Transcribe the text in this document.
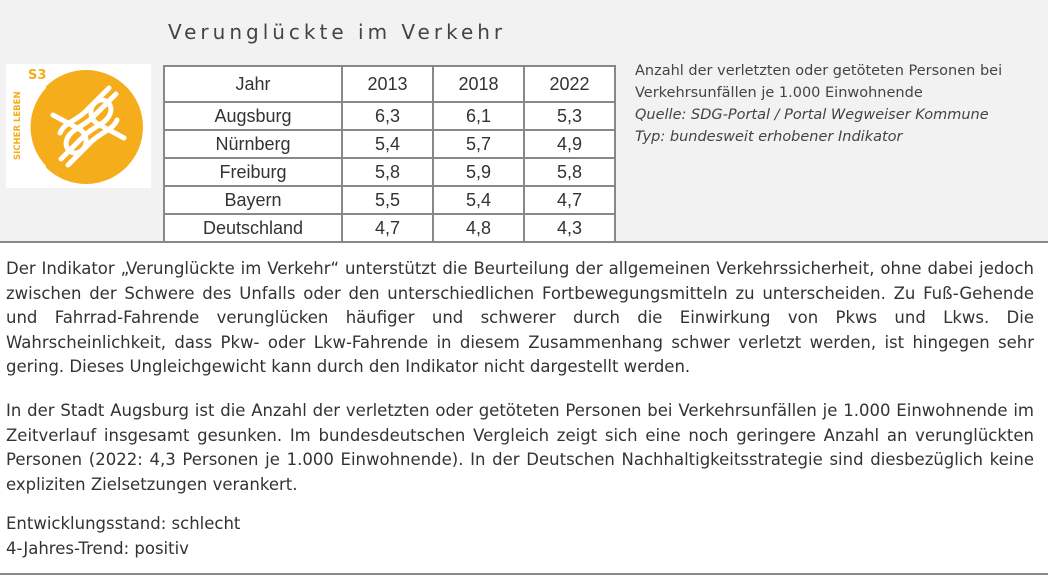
Verunglückte im Verkehr
S3
SICHER LEBEN
Jahr	2013	2018	2022
Augsburg	6,3	6,1	5,3
Nürnberg	5,4	5,7	4,9
Freiburg	5,8	5,9	5,8
Bayern	5,5	5,4	4,7
Deutschland	4,7	4,8	4,3
Anzahl der verletzten oder getöteten Personen bei Verkehrsunfällen je 1.000 Einwohnende
Quelle: SDG-Portal / Portal Wegweiser Kommune
Typ: bundesweit erhobener Indikator

Der Indikator „Verunglückte im Verkehr“ unterstützt die Beurteilung der allgemeinen Verkehrssicherheit, ohne dabei jedoch zwischen der Schwere des Unfalls oder den unterschiedlichen Fortbewegungsmitteln zu unterscheiden. Zu Fuß-Gehende und Fahrrad-Fahrende verunglücken häufiger und schwerer durch die Einwirkung von Pkws und Lkws. Die Wahrscheinlichkeit, dass Pkw- oder Lkw-Fahrende in diesem Zusammenhang schwer verletzt werden, ist hingegen sehr gering. Dieses Ungleichgewicht kann durch den Indikator nicht dargestellt werden.

In der Stadt Augsburg ist die Anzahl der verletzten oder getöteten Personen bei Verkehrsunfällen je 1.000 Einwohnende im Zeitverlauf insgesamt gesunken. Im bundesdeutschen Vergleich zeigt sich eine noch geringere Anzahl an verunglückten Personen (2022: 4,3 Personen je 1.000 Einwohnende). In der Deutschen Nachhaltigkeitsstrategie sind diesbezüglich keine expliziten Zielsetzungen verankert.

Entwicklungsstand: schlecht
4-Jahres-Trend: positiv
